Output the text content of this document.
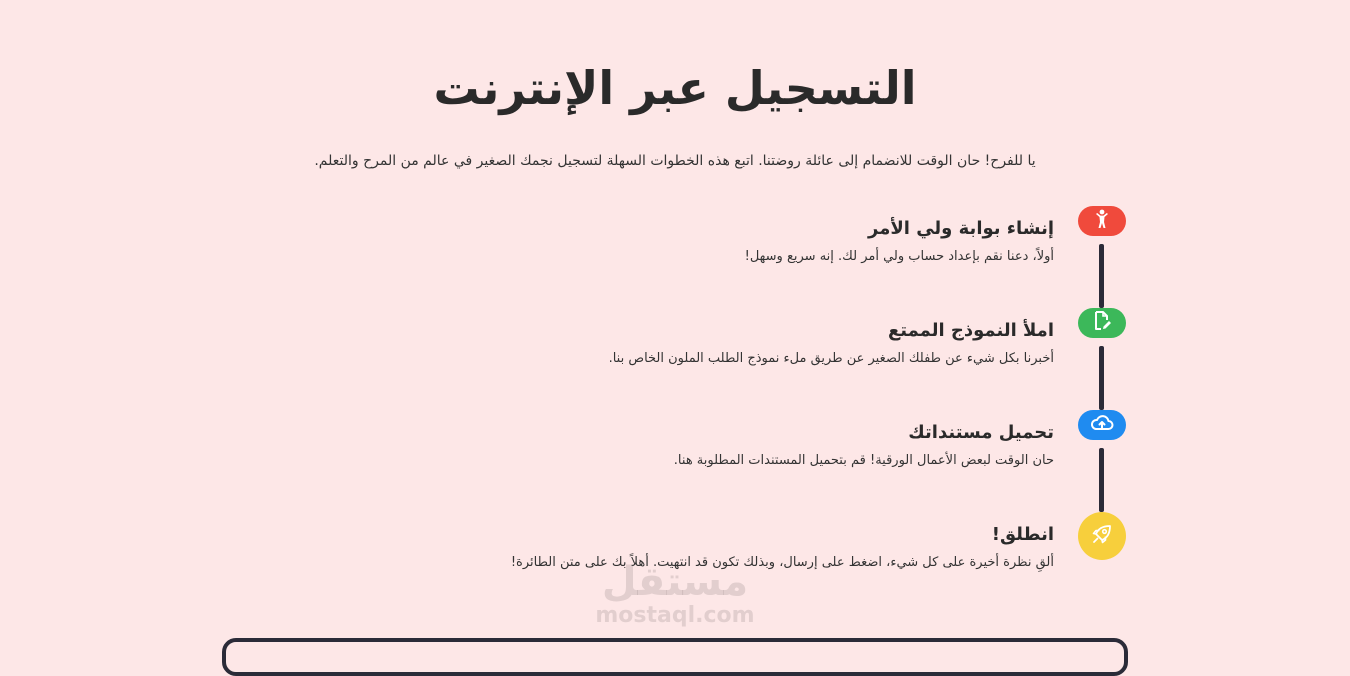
التسجيل عبر الإنترنت

يا للفرح! حان الوقت للانضمام إلى عائلة روضتنا. اتبع هذه الخطوات السهلة لتسجيل نجمك الصغير في عالم من المرح والتعلم.

إنشاء بوابة ولي الأمر
أولاً، دعنا نقم بإعداد حساب ولي أمر لك. إنه سريع وسهل!
املأ النموذج الممتع
أخبرنا بكل شيء عن طفلك الصغير عن طريق ملء نموذج الطلب الملون الخاص بنا.
تحميل مستنداتك
حان الوقت لبعض الأعمال الورقية! قم بتحميل المستندات المطلوبة هنا.
انطلق!
ألقِ نظرة أخيرة على كل شيء، اضغط على إرسال، وبذلك تكون قد انتهيت. أهلاً بك على متن الطائرة!
مستقل
mostaql.com
